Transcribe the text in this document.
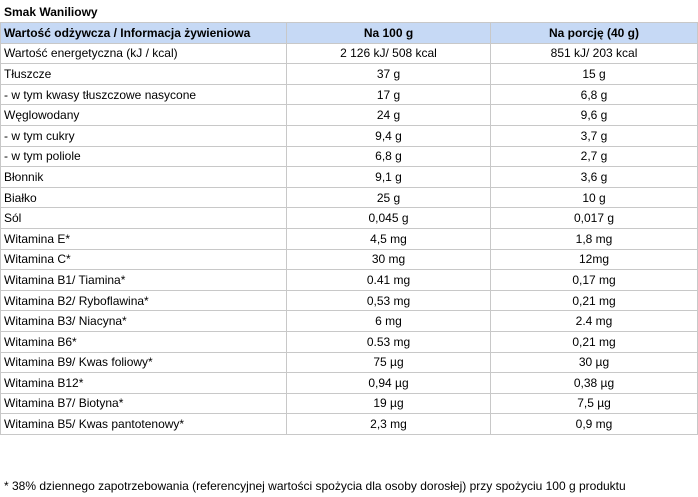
Smak Waniliowy
Wartość odżywcza / Informacja żywieniowa	Na 100 g	Na porcję (40 g)
Wartość energetyczna (kJ / kcal)	2 126 kJ/ 508 kcal	851 kJ/ 203 kcal
Tłuszcze	37 g	15 g
- w tym kwasy tłuszczowe nasycone	17 g	6,8 g
Węglowodany	24 g	9,6 g
- w tym cukry	9,4 g	3,7 g
- w tym poliole	6,8 g	2,7 g
Błonnik	9,1 g	3,6 g
Białko	25 g	10 g
Sól	0,045 g	0,017 g
Witamina E*	4,5 mg	1,8 mg
Witamina C*	30 mg	12mg
Witamina B1/ Tiamina*	0.41 mg	0,17 mg
Witamina B2/ Ryboflawina*	0,53 mg	0,21 mg
Witamina B3/ Niacyna*	6 mg	2.4 mg
Witamina B6*	0.53 mg	0,21 mg
Witamina B9/ Kwas foliowy*	75 µg	30 µg
Witamina B12*	0,94 µg	0,38 µg
Witamina B7/ Biotyna*	19 µg	7,5 µg
Witamina B5/ Kwas pantotenowy*	2,3 mg	0,9 mg
* 38% dziennego zapotrzebowania (referencyjnej wartości spożycia dla osoby dorosłej) przy spożyciu 100 g produktu
